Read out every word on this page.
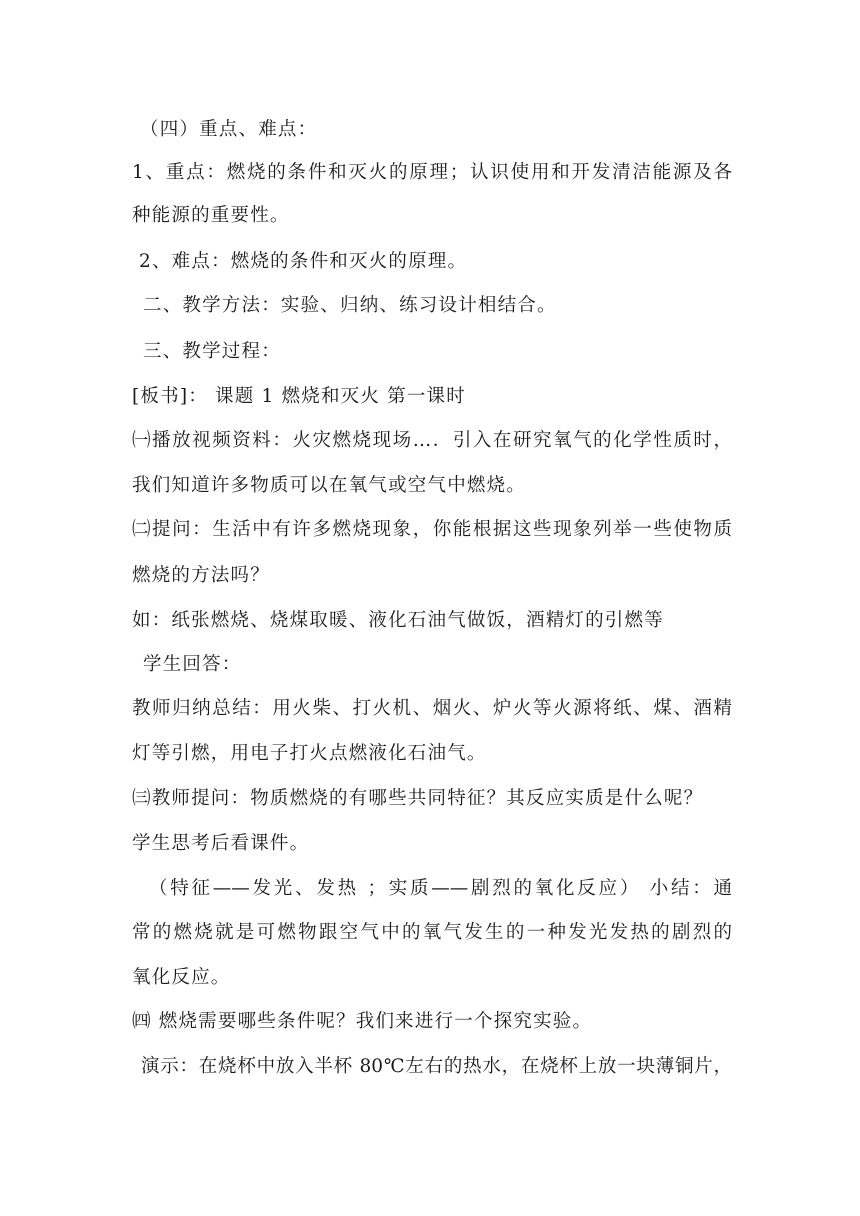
（四）重点、难点：
1、重点：燃烧的条件和灭火的原理；认识使用和开发清洁能源及各
种能源的重要性。
2、难点：燃烧的条件和灭火的原理。
二、教学方法：实验、归纳、练习设计相结合。
三、教学过程：
[板书]： 课题 1 燃烧和灭火 第一课时
㈠播放视频资料：火灾燃烧现场…．引入在研究氧气的化学性质时，
我们知道许多物质可以在氧气或空气中燃烧。
㈡提问：生活中有许多燃烧现象，你能根据这些现象列举一些使物质
燃烧的方法吗？
如：纸张燃烧、烧煤取暖、液化石油气做饭，酒精灯的引燃等
学生回答：
教师归纳总结：用火柴、打火机、烟火、炉火等火源将纸、煤、酒精
灯等引燃，用电子打火点燃液化石油气。
㈢教师提问：物质燃烧的有哪些共同特征？其反应实质是什么呢？
学生思考后看课件。
（特征——发光、发热 ；实质——剧烈的氧化反应） 小结：通
常的燃烧就是可燃物跟空气中的氧气发生的一种发光发热的剧烈的
氧化反应。
㈣ 燃烧需要哪些条件呢？我们来进行一个探究实验。
演示：在烧杯中放入半杯 80℃左右的热水，在烧杯上放一块薄铜片，
